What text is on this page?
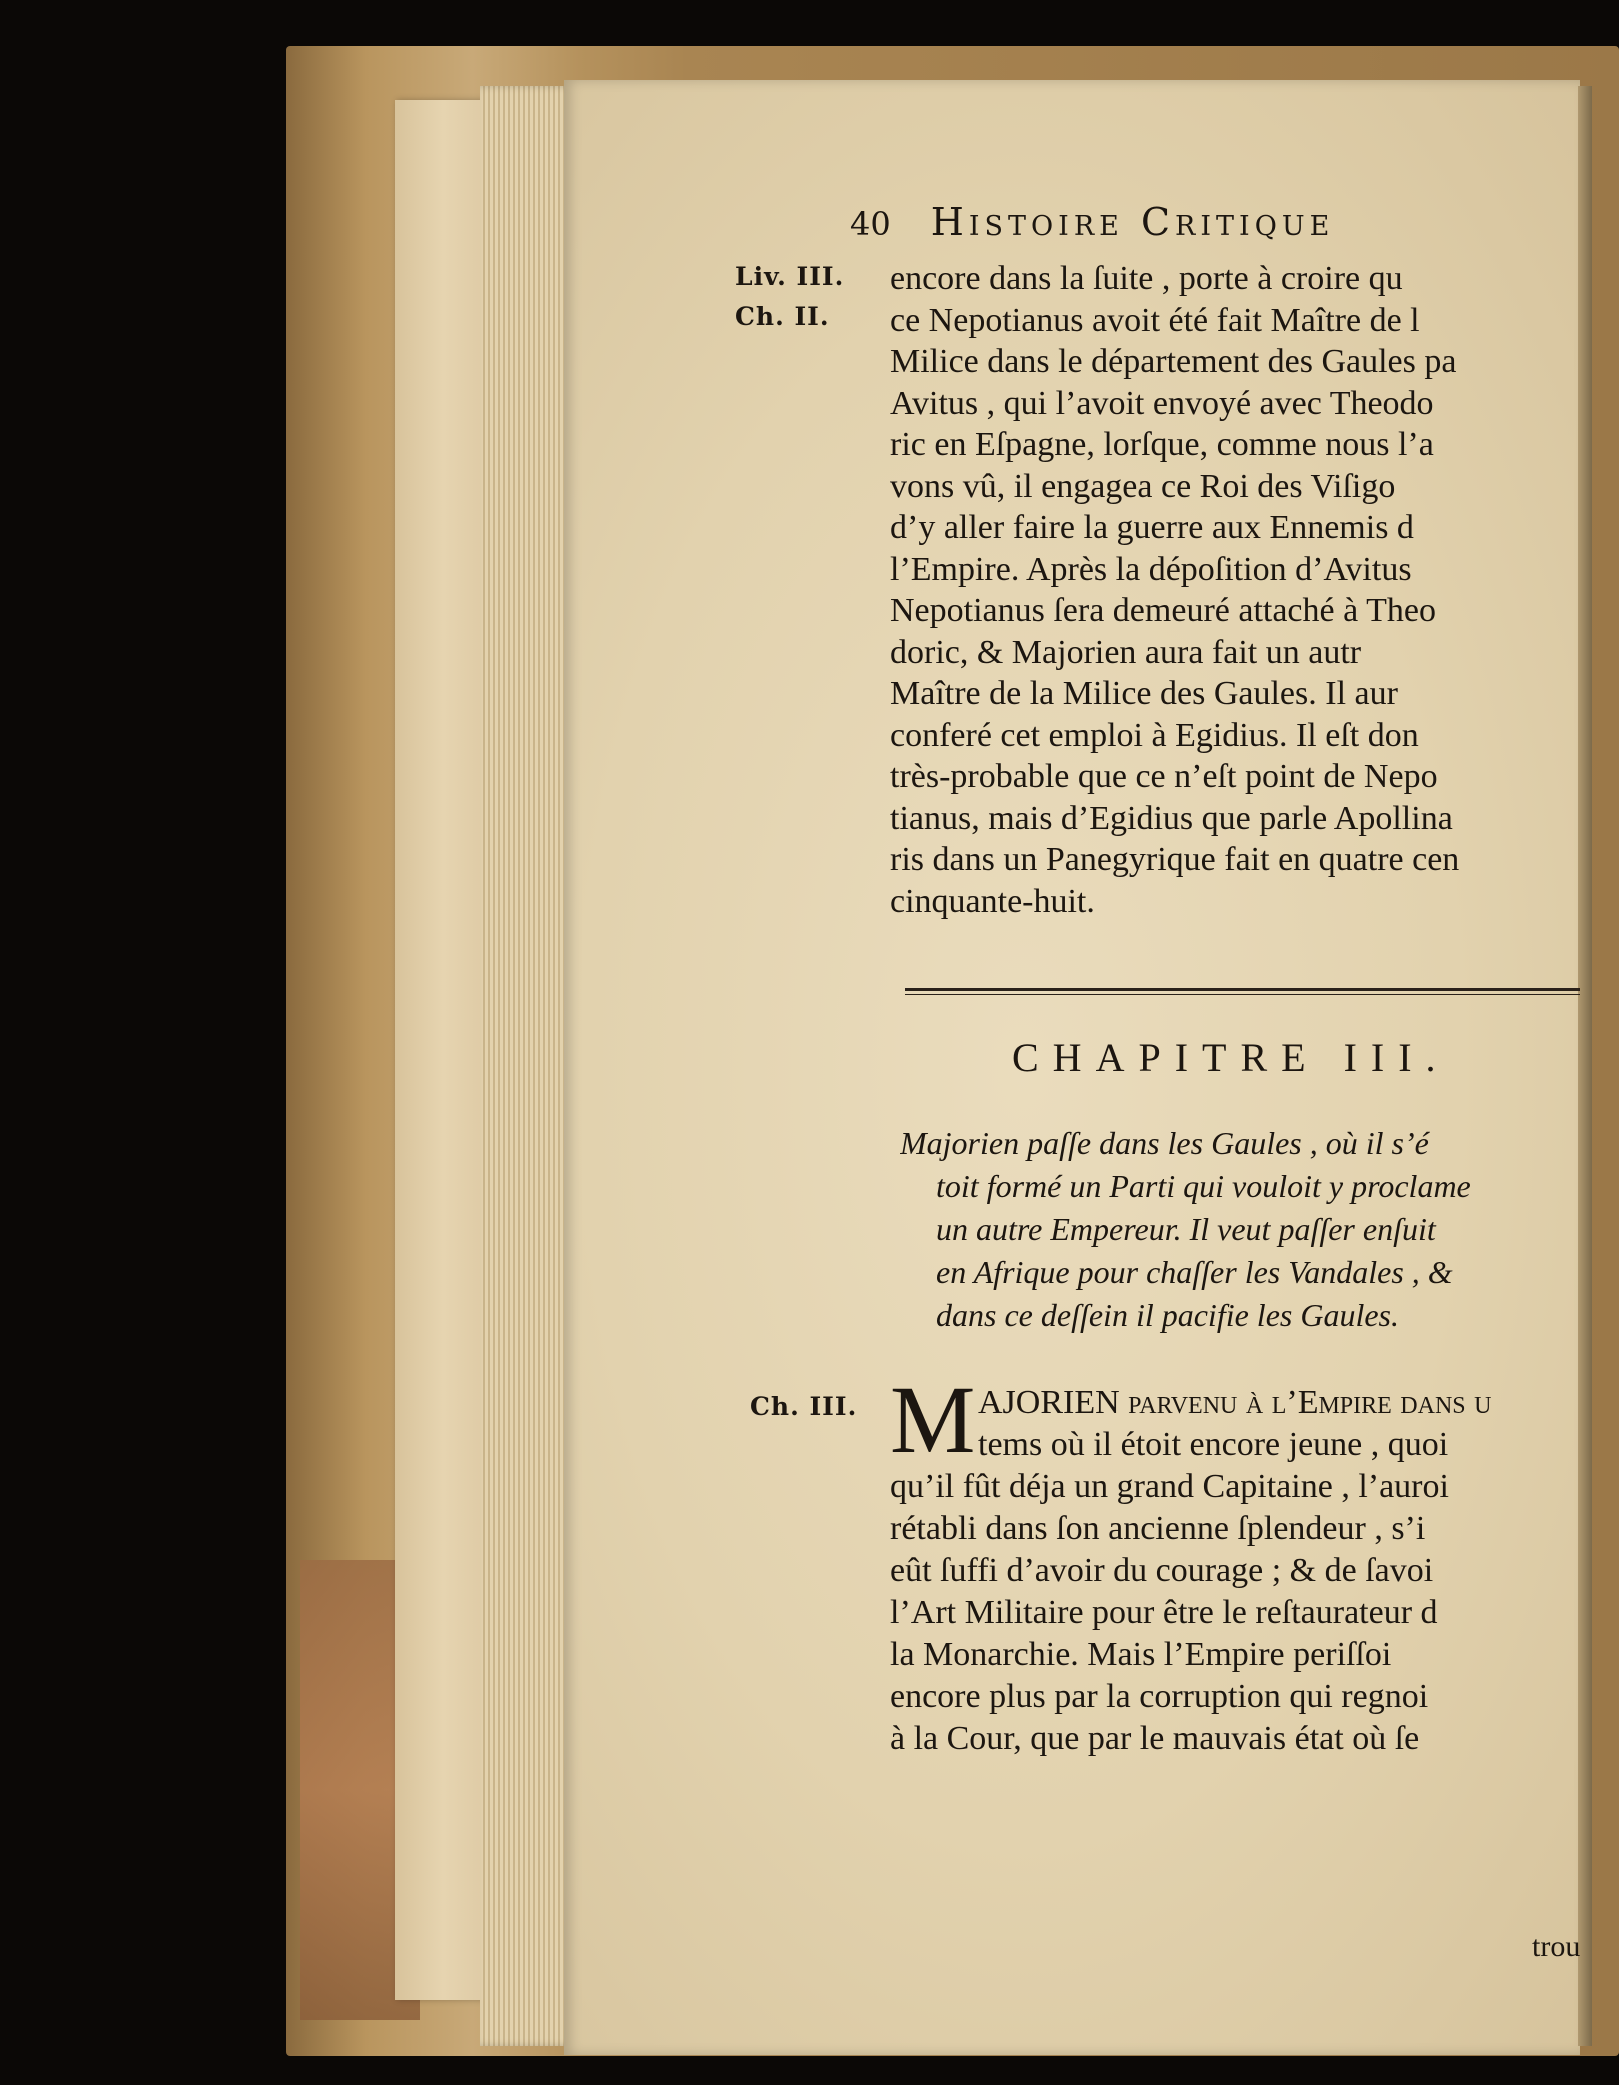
40 Histoire Critique
Liv. III.
Ch. II.
encore dans la ſuite , porte à croire qu
ce Nepotianus avoit été fait Maître de l
Milice dans le département des Gaules pa
Avitus , qui l’avoit envoyé avec Theodo
ric en Eſpagne, lorſque, comme nous l’a
vons vû, il engagea ce Roi des Viſigo
d’y aller faire la guerre aux Ennemis d
l’Empire. Après la dépoſition d’Avitus
Nepotianus ſera demeuré attaché à Theo
doric, & Majorien aura fait un autr
Maître de la Milice des Gaules. Il aur
conferé cet emploi à Egidius. Il eſt don
très-probable que ce n’eſt point de Nepo
tianus, mais d’Egidius que parle Apollina
ris dans un Panegyrique fait en quatre cen
cinquante-huit.
CHAPITRE III.
Majorien paſſe dans les Gaules , où il s’é
toit formé un Parti qui vouloit y proclame
un autre Empereur. Il veut paſſer enſuit
en Afrique pour chaſſer les Vandales , &
dans ce deſſein il pacifie les Gaules.
Ch. III. M AJORIEN parvenu à l’Empire dans u
tems où il étoit encore jeune , quoi
qu’il fût déja un grand Capitaine , l’auroi
rétabli dans ſon ancienne ſplendeur , s’i
eût ſuffi d’avoir du courage ; & de ſavoi
l’Art Militaire pour être le reſtaurateur d
la Monarchie. Mais l’Empire periſſoi
encore plus par la corruption qui regnoi
à la Cour, que par le mauvais état où ſe
trou
